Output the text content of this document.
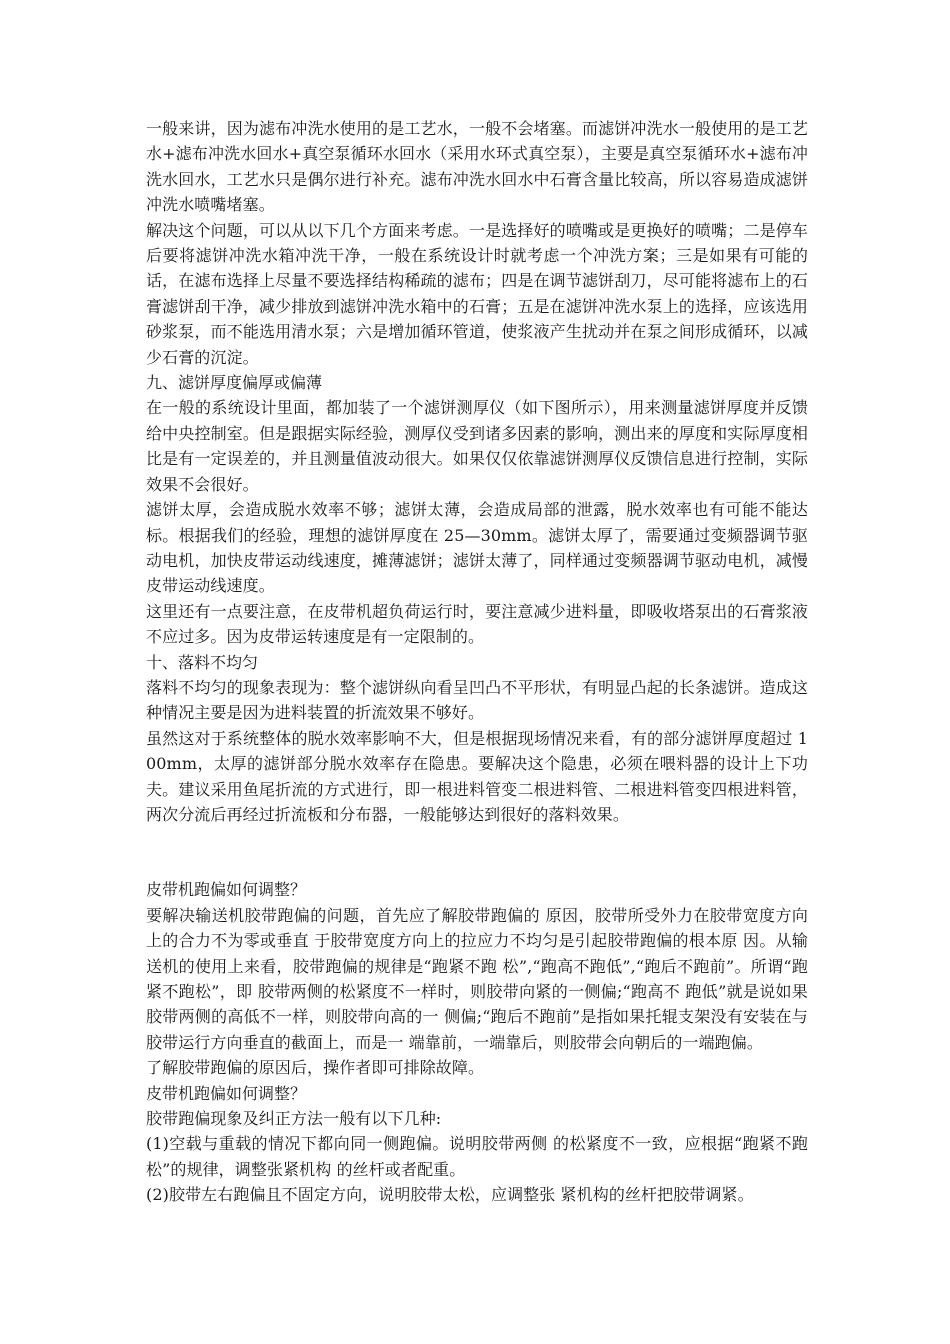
一般来讲，因为滤布冲洗水使用的是工艺水，一般不会堵塞。而滤饼冲洗水一般使用的是工艺水+滤布冲洗水回水+真空泵循环水回水（采用水环式真空泵），主要是真空泵循环水+滤布冲洗水回水，工艺水只是偶尔进行补充。滤布冲洗水回水中石膏含量比较高，所以容易造成滤饼冲洗水喷嘴堵塞。

解决这个问题，可以从以下几个方面来考虑。一是选择好的喷嘴或是更换好的喷嘴；二是停车后要将滤饼冲洗水箱冲洗干净，一般在系统设计时就考虑一个冲洗方案；三是如果有可能的话，在滤布选择上尽量不要选择结构稀疏的滤布；四是在调节滤饼刮刀，尽可能将滤布上的石膏滤饼刮干净，减少排放到滤饼冲洗水箱中的石膏；五是在滤饼冲洗水泵上的选择，应该选用砂浆泵，而不能选用清水泵；六是增加循环管道，使浆液产生扰动并在泵之间形成循环，以减少石膏的沉淀。

九、滤饼厚度偏厚或偏薄

在一般的系统设计里面，都加装了一个滤饼测厚仪（如下图所示），用来测量滤饼厚度并反馈给中央控制室。但是跟据实际经验，测厚仪受到诸多因素的影响，测出来的厚度和实际厚度相比是有一定误差的，并且测量值波动很大。如果仅仅依靠滤饼测厚仪反馈信息进行控制，实际效果不会很好。

滤饼太厚，会造成脱水效率不够；滤饼太薄，会造成局部的泄露，脱水效率也有可能不能达标。根据我们的经验，理想的滤饼厚度在 25—30mm。滤饼太厚了，需要通过变频器调节驱动电机，加快皮带运动线速度，摊薄滤饼；滤饼太薄了，同样通过变频器调节驱动电机，减慢皮带运动线速度。

这里还有一点要注意，在皮带机超负荷运行时，要注意减少进料量，即吸收塔泵出的石膏浆液不应过多。因为皮带运转速度是有一定限制的。

十、落料不均匀

落料不均匀的现象表现为：整个滤饼纵向看呈凹凸不平形状，有明显凸起的长条滤饼。造成这种情况主要是因为进料装置的折流效果不够好。

虽然这对于系统整体的脱水效率影响不大，但是根据现场情况来看，有的部分滤饼厚度超过 100mm，太厚的滤饼部分脱水效率存在隐患。要解决这个隐患，必须在喂料器的设计上下功夫。建议采用鱼尾折流的方式进行，即一根进料管变二根进料管、二根进料管变四根进料管，两次分流后再经过折流板和分布器，一般能够达到很好的落料效果。

皮带机跑偏如何调整？

要解决输送机胶带跑偏的问题，首先应了解胶带跑偏的 原因，胶带所受外力在胶带宽度方向上的合力不为零或垂直 于胶带宽度方向上的拉应力不均匀是引起胶带跑偏的根本原 因。从输送机的使用上来看，胶带跑偏的规律是“跑紧不跑 松”,“跑高不跑低”,“跑后不跑前”。所谓“跑紧不跑松”，即 胶带两侧的松紧度不一样时，则胶带向紧的一侧偏;“跑高不 跑低”就是说如果胶带两侧的高低不一样，则胶带向高的一 侧偏;“跑后不跑前”是指如果托辊支架没有安装在与胶带运行方向垂直的截面上，而是一 端靠前，一端靠后，则胶带会向朝后的一端跑偏。

了解胶带跑偏的原因后，操作者即可排除故障。

皮带机跑偏如何调整？

胶带跑偏现象及纠正方法一般有以下几种:

(1)空载与重载的情况下都向同一侧跑偏。说明胶带两侧 的松紧度不一致，应根据“跑紧不跑松”的规律，调整张紧机构 的丝杆或者配重。

(2)胶带左右跑偏且不固定方向，说明胶带太松，应调整张 紧机构的丝杆把胶带调紧。
